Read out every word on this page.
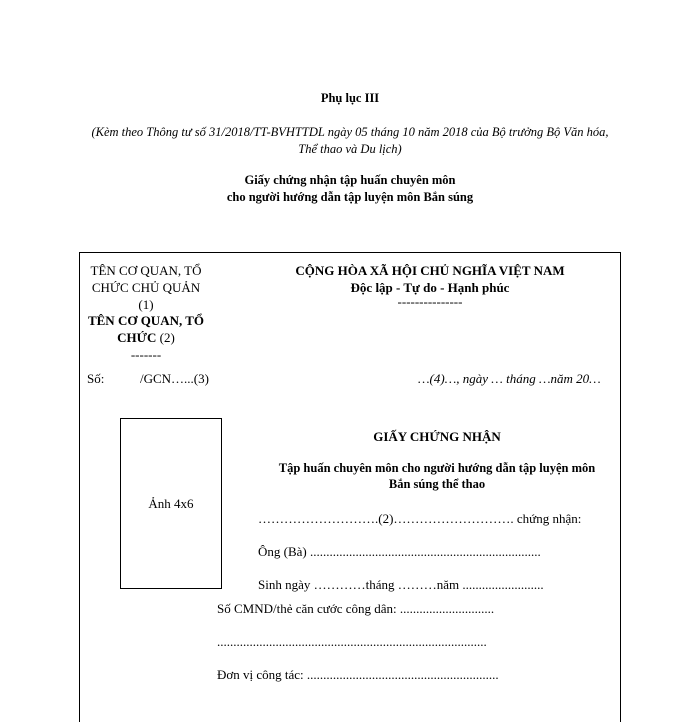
Phụ lục III
(Kèm theo Thông tư số 31/2018/TT-BVHTTDL ngày 05 tháng 10 năm 2018 của Bộ trưởng Bộ Văn hóa, Thể thao và Du lịch)
Giấy chứng nhận tập huấn chuyên môn
cho người hướng dẫn tập luyện môn Bắn súng
TÊN CƠ QUAN, TỔ CHỨC CHỦ QUẢN
(1)
TÊN CƠ QUAN, TỔ
CHỨC (2)
-------
CỘNG HÒA XÃ HỘI CHỦ NGHĨA VIỆT NAM
Độc lập - Tự do - Hạnh phúc
---------------
Số:	/GCN…...(3)	…(4)…, ngày … tháng …năm 20…
Ảnh 4x6
GIẤY CHỨNG NHẬN
Tập huấn chuyên môn cho người hướng dẫn tập luyện môn
Bắn súng thể thao
……………………….(2)………………………. chứng nhận:
Ông (Bà) .......................................................................
Sinh ngày …………tháng ………năm .........................
Số CMND/thẻ căn cước công dân: .............................
...................................................................................
Đơn vị công tác: ...........................................................
